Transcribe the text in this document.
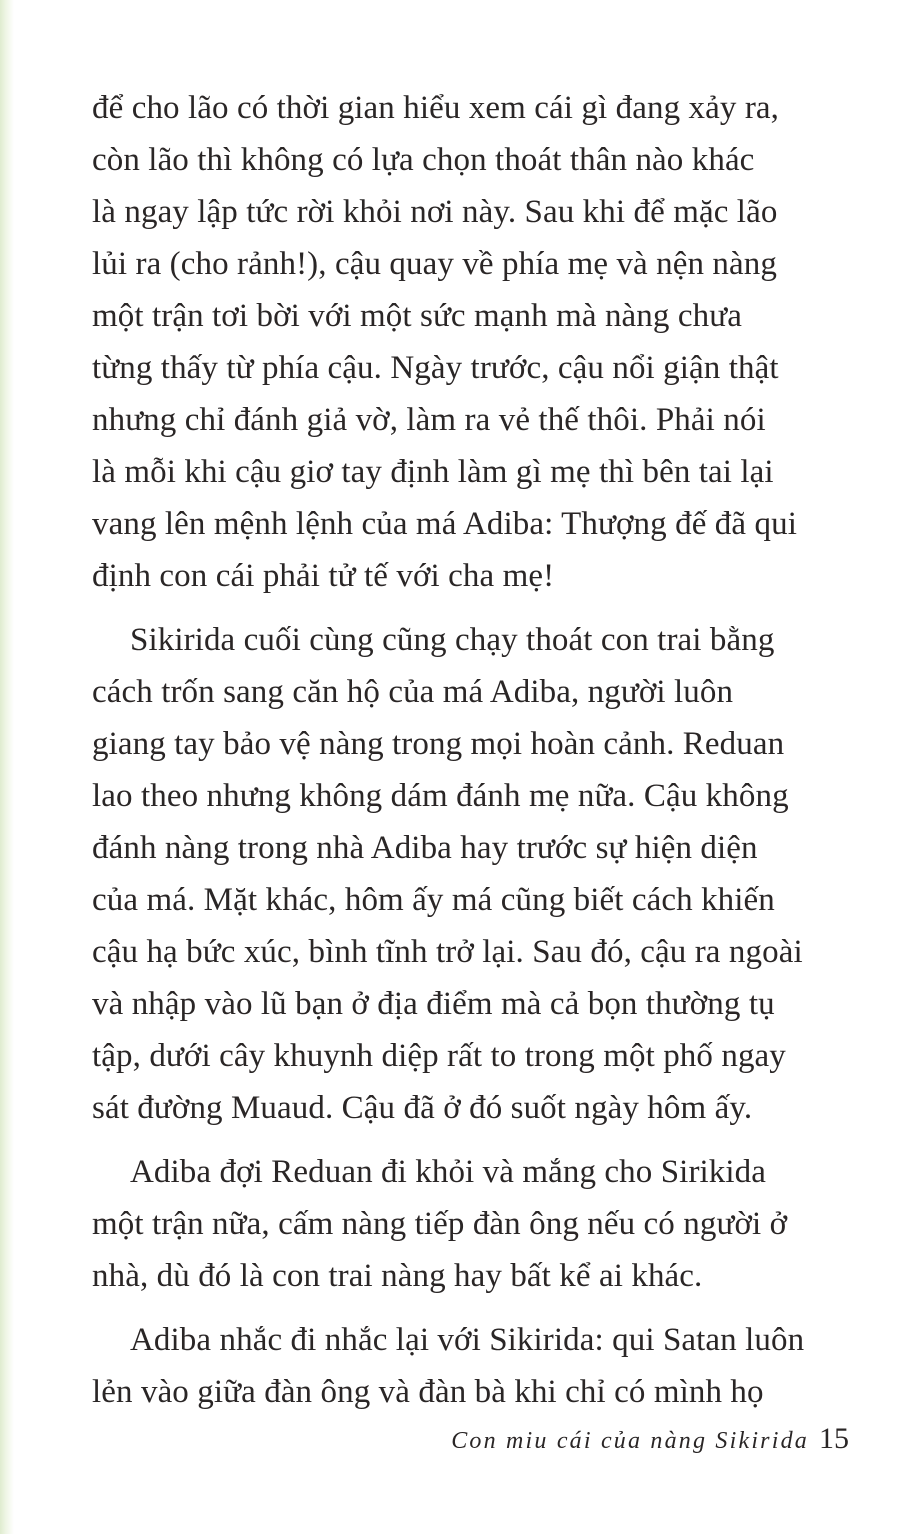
để cho lão có thời gian hiểu xem cái gì đang xảy ra,
còn lão thì không có lựa chọn thoát thân nào khác
là ngay lập tức rời khỏi nơi này. Sau khi để mặc lão
lủi ra (cho rảnh!), cậu quay về phía mẹ và nện nàng
một trận tơi bời với một sức mạnh mà nàng chưa
từng thấy từ phía cậu. Ngày trước, cậu nổi giận thật
nhưng chỉ đánh giả vờ, làm ra vẻ thế thôi. Phải nói
là mỗi khi cậu giơ tay định làm gì mẹ thì bên tai lại
vang lên mệnh lệnh của má Adiba: Thượng đế đã qui
định con cái phải tử tế với cha mẹ!
Sikirida cuối cùng cũng chạy thoát con trai bằng
cách trốn sang căn hộ của má Adiba, người luôn
giang tay bảo vệ nàng trong mọi hoàn cảnh. Reduan
lao theo nhưng không dám đánh mẹ nữa. Cậu không
đánh nàng trong nhà Adiba hay trước sự hiện diện
của má. Mặt khác, hôm ấy má cũng biết cách khiến
cậu hạ bức xúc, bình tĩnh trở lại. Sau đó, cậu ra ngoài
và nhập vào lũ bạn ở địa điểm mà cả bọn thường tụ
tập, dưới cây khuynh diệp rất to trong một phố ngay
sát đường Muaud. Cậu đã ở đó suốt ngày hôm ấy.
Adiba đợi Reduan đi khỏi và mắng cho Sirikida
một trận nữa, cấm nàng tiếp đàn ông nếu có người ở
nhà, dù đó là con trai nàng hay bất kể ai khác.
Adiba nhắc đi nhắc lại với Sikirida: qui Satan luôn
lẻn vào giữa đàn ông và đàn bà khi chỉ có mình họ
Con miu cái của nàng Sikirida 15
